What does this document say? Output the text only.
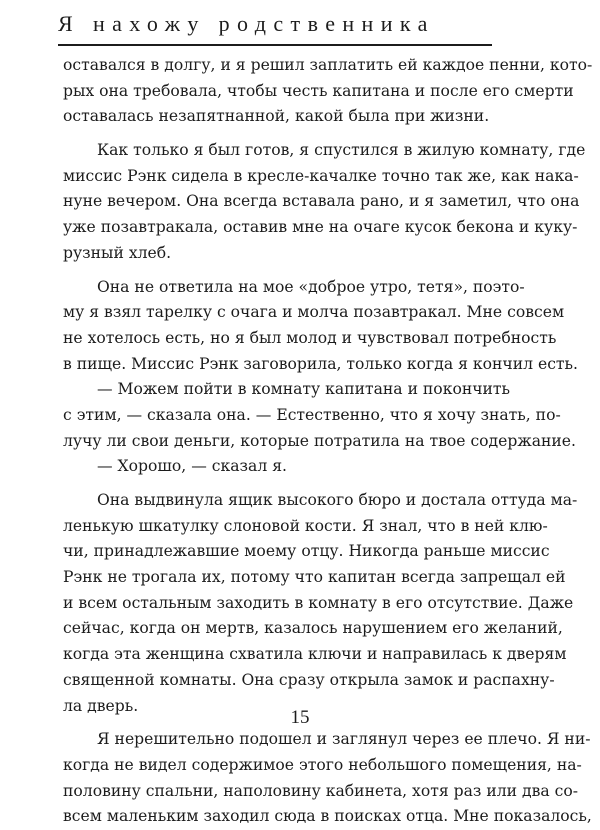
Я нахожу родственника
оставался в долгу, и я решил заплатить ей каждое пенни, кото-
рых она требовала, чтобы честь капитана и после его смерти
оставалась незапятнанной, какой была при жизни.
Как только я был готов, я спустился в жилую комнату, где
миссис Рэнк сидела в кресле-качалке точно так же, как нака-
нуне вечером. Она всегда вставала рано, и я заметил, что она
уже позавтракала, оставив мне на очаге кусок бекона и куку-
рузный хлеб.
Она не ответила на мое «доброе утро, тетя», поэто-
му я взял тарелку с очага и молча позавтракал. Мне совсем
не хотелось есть, но я был молод и чувствовал потребность
в пище. Миссис Рэнк заговорила, только когда я кончил есть.
— Можем пойти в комнату капитана и покончить
с этим, — сказала она. — Естественно, что я хочу знать, по-
лучу ли свои деньги, которые потратила на твое содержание.
— Хорошо, — сказал я.
Она выдвинула ящик высокого бюро и достала оттуда ма-
ленькую шкатулку слоновой кости. Я знал, что в ней клю-
чи, принадлежавшие моему отцу. Никогда раньше миссис
Рэнк не трогала их, потому что капитан всегда запрещал ей
и всем остальным заходить в комнату в его отсутствие. Даже
сейчас, когда он мертв, казалось нарушением его желаний,
когда эта женщина схватила ключи и направилась к дверям
священной комнаты. Она сразу открыла замок и распахну-
ла дверь.
Я нерешительно подошел и заглянул через ее плечо. Я ни-
когда не видел содержимое этого небольшого помещения, на-
половину спальни, наполовину кабинета, хотя раз или два со-
всем маленьким заходил сюда в поисках отца. Мне показалось,
15
